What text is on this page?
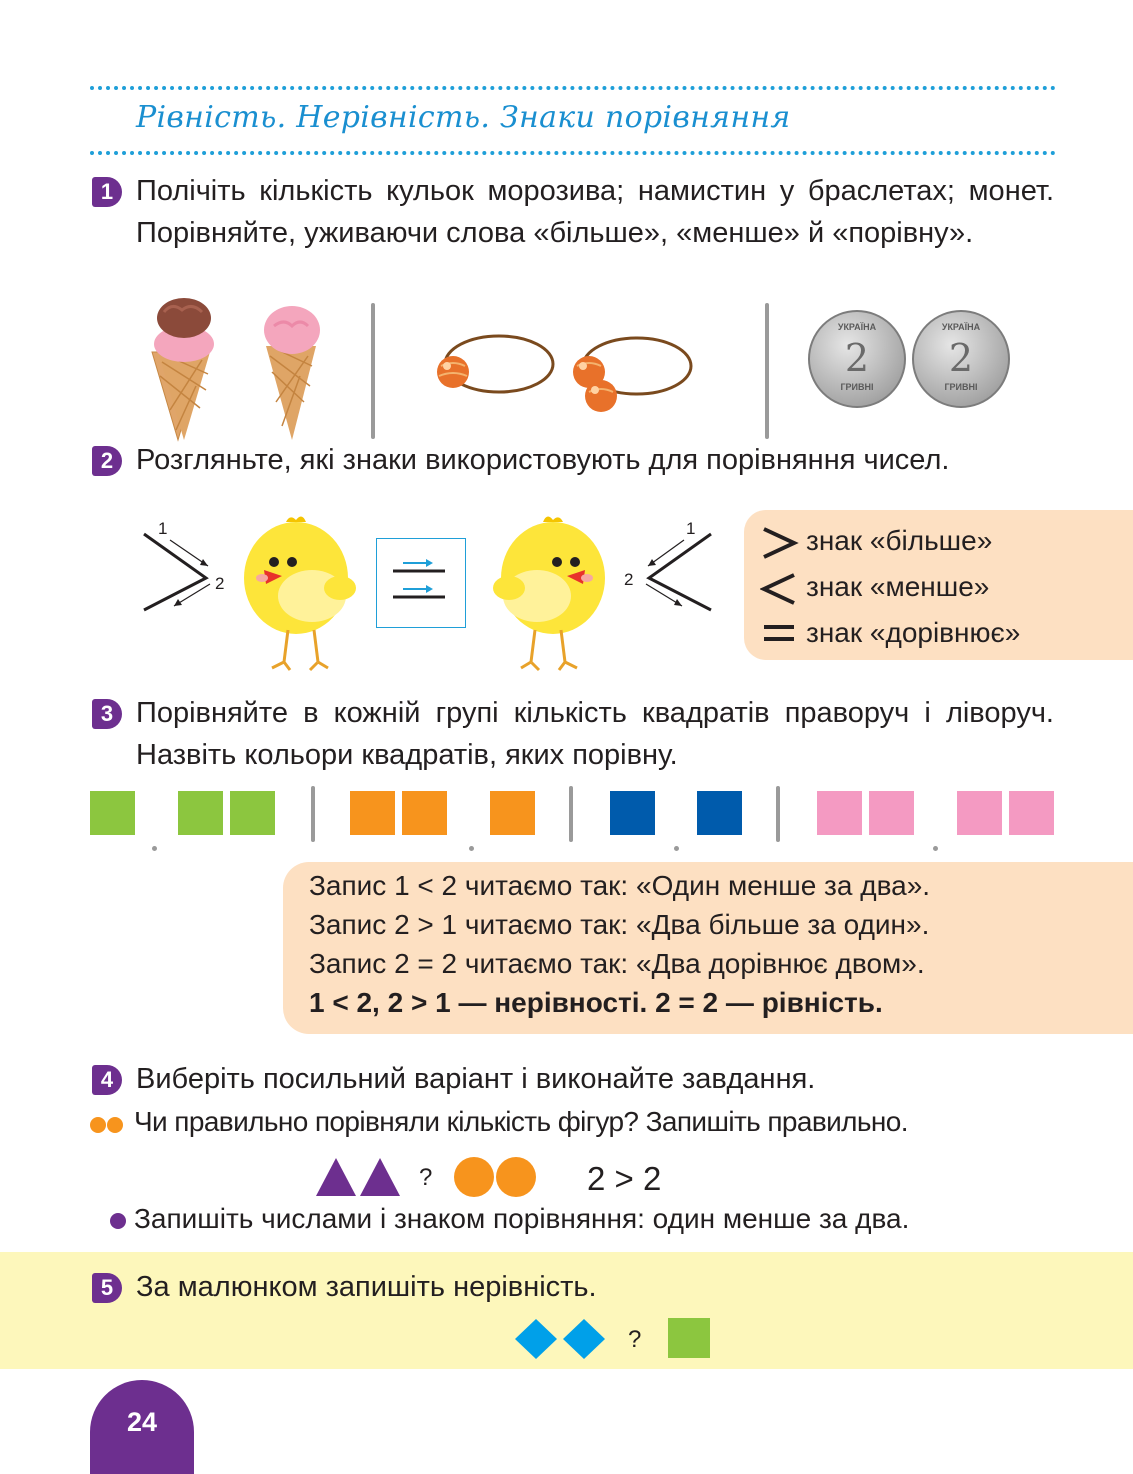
Рівність. Нерівність. Знаки порівняння
1 Полічіть кількість кульок морозива; намистин у браслетах; монет. Порівняйте, уживаючи слова «більше», «менше» й «порівну».
УКРАЇНА
2
ГРИВНІ
УКРАЇНА
2
ГРИВНІ
2 Розгляньте, які знаки використовують для порівняння чисел.
1
2
1
2
знак «більше»
знак «менше»
знак «дорівнює»
3 Порівняйте в кожній групі кількість квадратів праворуч і ліворуч. Назвіть кольори квадратів, яких порівну.
Запис 1 < 2 читаємо так: «Один менше за два».
Запис 2 > 1 читаємо так: «Два більше за один».
Запис 2 = 2 читаємо так: «Два дорівнює двом».
1 < 2, 2 > 1 — нерівності. 2 = 2 — рівність.
4 Виберіть посильний варіант і виконайте завдання.
Чи правильно порівняли кількість фігур? Запишіть правильно.
?	2 > 2
Запишіть числами і знаком порівняння: один менше за два.
5 За малюнком запишіть нерівність.
?
24
